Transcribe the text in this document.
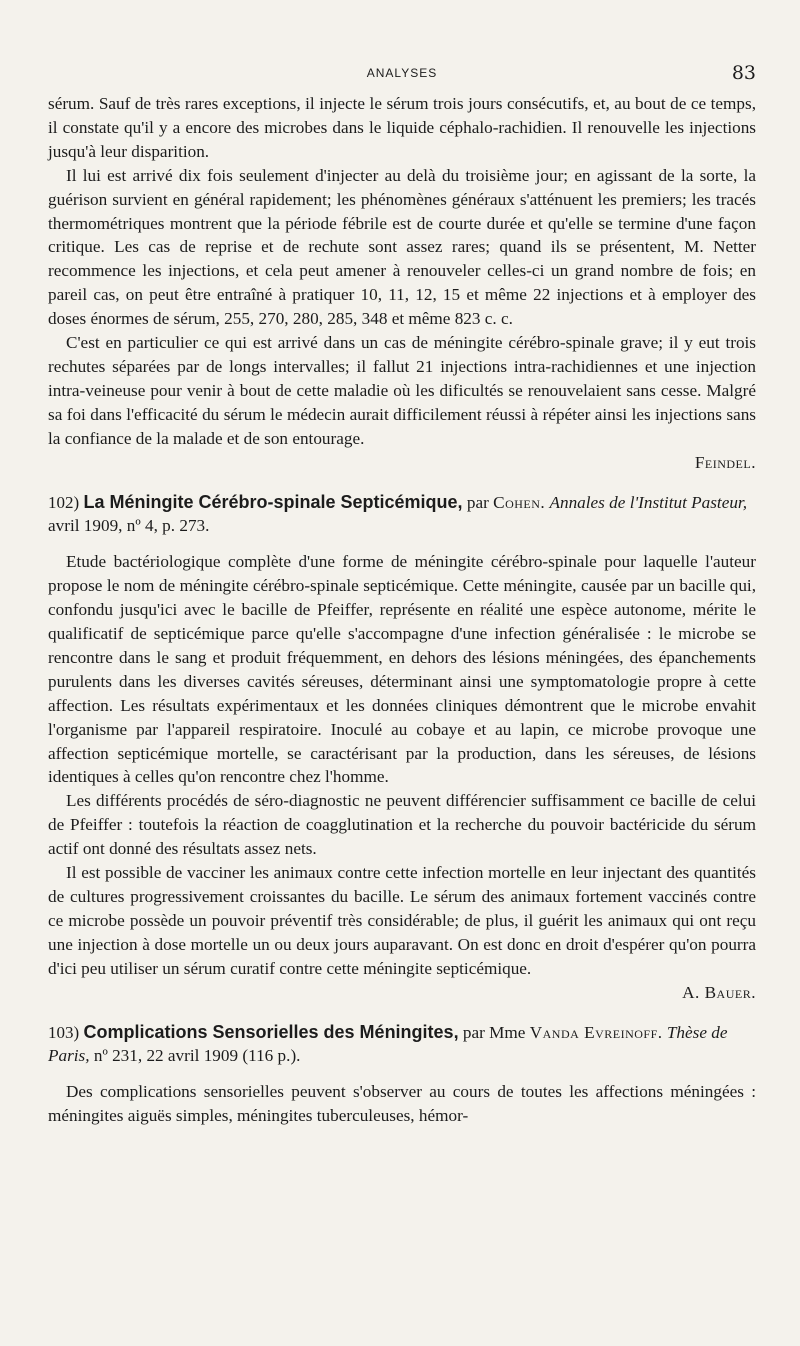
ANALYSES	83

sérum. Sauf de très rares exceptions, il injecte le sérum trois jours consécutifs, et, au bout de ce temps, il constate qu'il y a encore des microbes dans le liquide céphalo-rachidien. Il renouvelle les injections jusqu'à leur disparition.

Il lui est arrivé dix fois seulement d'injecter au delà du troisième jour; en agissant de la sorte, la guérison survient en général rapidement; les phénomènes généraux s'atténuent les premiers; les tracés thermométriques montrent que la période fébrile est de courte durée et qu'elle se termine d'une façon critique. Les cas de reprise et de rechute sont assez rares; quand ils se présentent, M. Netter recommence les injections, et cela peut amener à renouveler celles-ci un grand nombre de fois; en pareil cas, on peut être entraîné à pratiquer 10, 11, 12, 15 et même 22 injections et à employer des doses énormes de sérum, 255, 270, 280, 285, 348 et même 823 c. c.

C'est en particulier ce qui est arrivé dans un cas de méningite cérébro-spinale grave; il y eut trois rechutes séparées par de longs intervalles; il fallut 21 injections intra-rachidiennes et une injection intra-veineuse pour venir à bout de cette maladie où les dificultés se renouvelaient sans cesse. Malgré sa foi dans l'efficacité du sérum le médecin aurait difficilement réussi à répéter ainsi les injections sans la confiance de la malade et de son entourage.

Feindel.

102) La Méningite Cérébro-spinale Septicémique, par Cohen. Annales de l'Institut Pasteur, avril 1909, nº 4, p. 273.

Etude bactériologique complète d'une forme de méningite cérébro-spinale pour laquelle l'auteur propose le nom de méningite cérébro-spinale septicémique. Cette méningite, causée par un bacille qui, confondu jusqu'ici avec le bacille de Pfeiffer, représente en réalité une espèce autonome, mérite le qualificatif de septicémique parce qu'elle s'accompagne d'une infection généralisée : le microbe se rencontre dans le sang et produit fréquemment, en dehors des lésions méningées, des épanchements purulents dans les diverses cavités séreuses, déterminant ainsi une symptomatologie propre à cette affection. Les résultats expérimentaux et les données cliniques démontrent que le microbe envahit l'organisme par l'appareil respiratoire. Inoculé au cobaye et au lapin, ce microbe provoque une affection septicémique mortelle, se caractérisant par la production, dans les séreuses, de lésions identiques à celles qu'on rencontre chez l'homme.

Les différents procédés de séro-diagnostic ne peuvent différencier suffisamment ce bacille de celui de Pfeiffer : toutefois la réaction de coagglutination et la recherche du pouvoir bactéricide du sérum actif ont donné des résultats assez nets.

Il est possible de vacciner les animaux contre cette infection mortelle en leur injectant des quantités de cultures progressivement croissantes du bacille. Le sérum des animaux fortement vaccinés contre ce microbe possède un pouvoir préventif très considérable; de plus, il guérit les animaux qui ont reçu une injection à dose mortelle un ou deux jours auparavant. On est donc en droit d'espérer qu'on pourra d'ici peu utiliser un sérum curatif contre cette méningite septicémique.

A. Bauer.

103) Complications Sensorielles des Méningites, par Mme Vanda Evreinoff. Thèse de Paris, nº 231, 22 avril 1909 (116 p.).

Des complications sensorielles peuvent s'observer au cours de toutes les affections méningées : méningites aiguës simples, méningites tuberculeuses, hémor-
